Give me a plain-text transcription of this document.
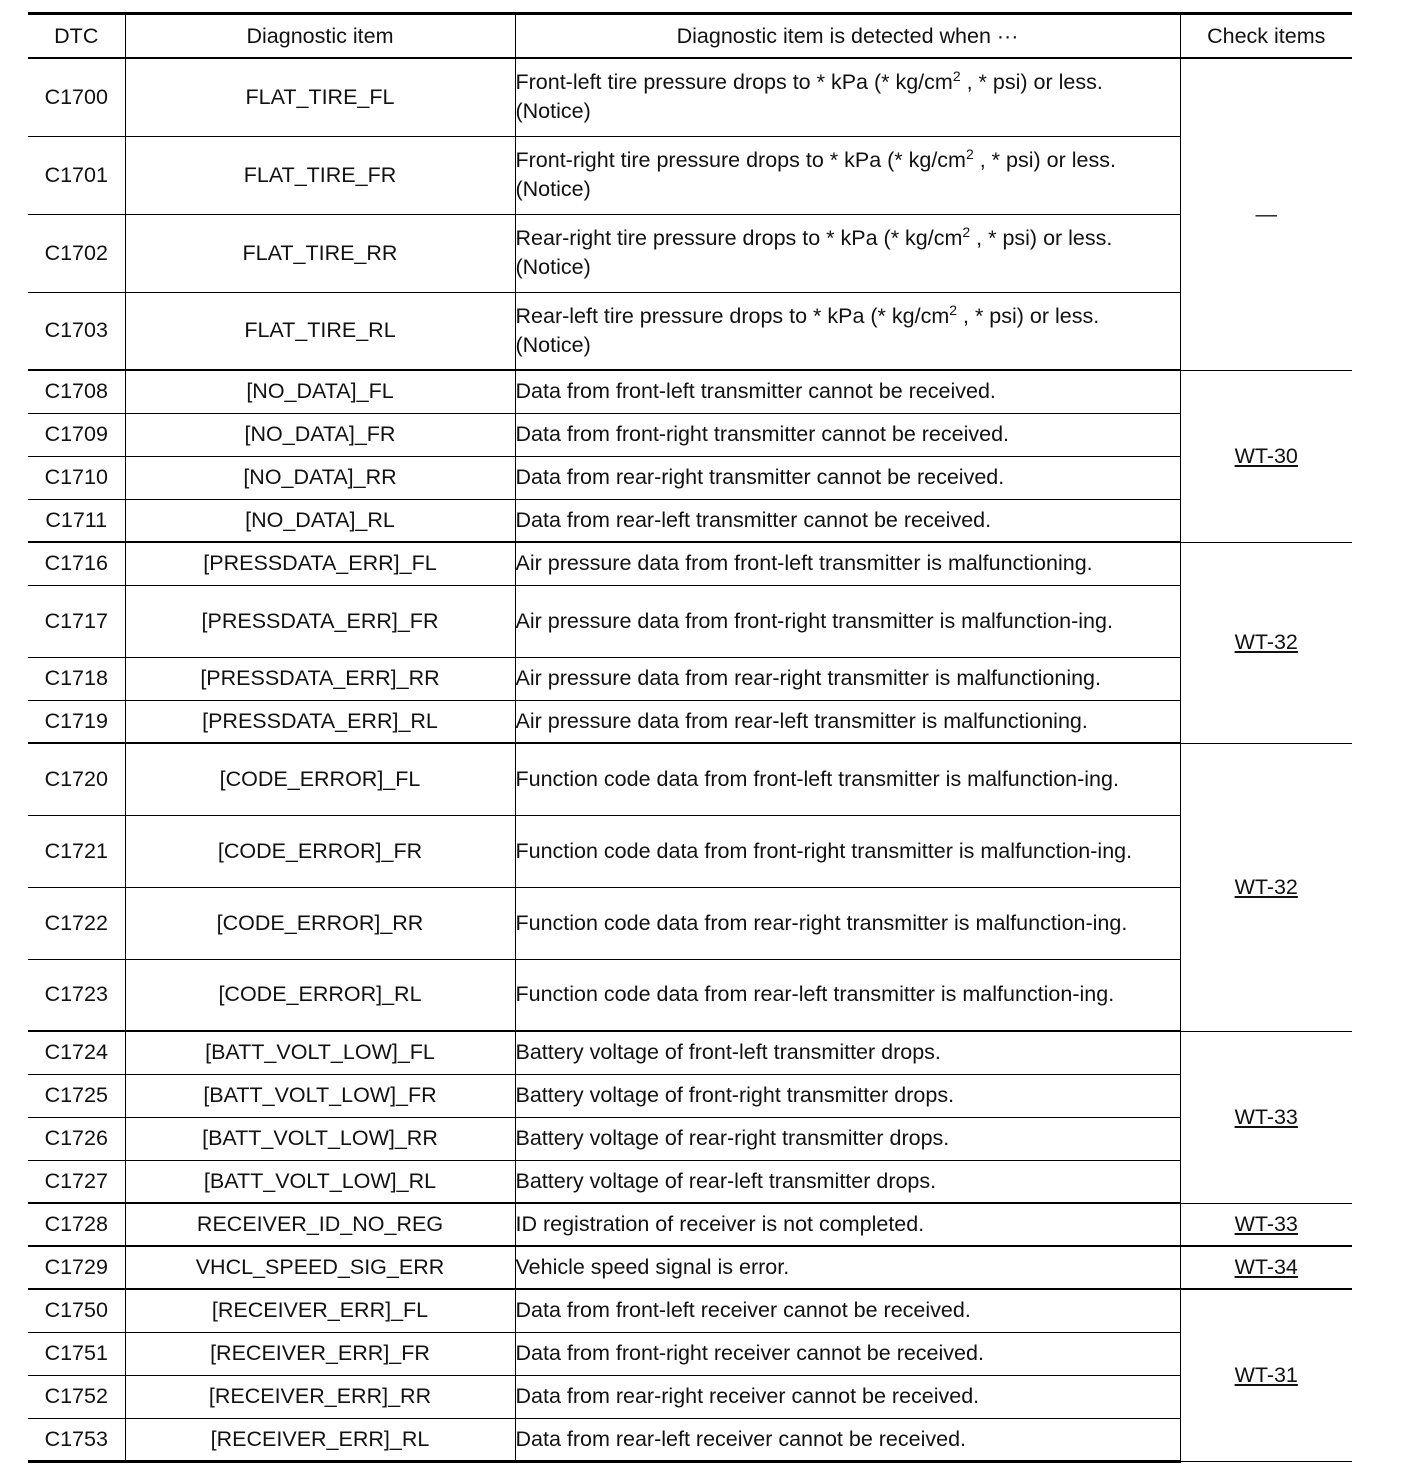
DTC	Diagnostic item	Diagnostic item is detected when ···	Check items
C1700	FLAT_TIRE_FL	Front-left tire pressure drops to * kPa (* $kg/cm^2$ , * psi) or less. (Notice)	—
C1701	FLAT_TIRE_FR	Front-right tire pressure drops to * kPa (* $kg/cm^2$ , * psi) or less. (Notice)	
C1702	FLAT_TIRE_RR	Rear-right tire pressure drops to * kPa (* $kg/cm^2$ , * psi) or less. (Notice)	
C1703	FLAT_TIRE_RL	Rear-left tire pressure drops to * kPa (* $kg/cm^2$ , * psi) or less. (Notice)	
C1708	[NO_DATA]_FL	Data from front-left transmitter cannot be received.	WT-30
C1709	[NO_DATA]_FR	Data from front-right transmitter cannot be received.	
C1710	[NO_DATA]_RR	Data from rear-right transmitter cannot be received.	
C1711	[NO_DATA]_RL	Data from rear-left transmitter cannot be received.	
C1716	[PRESSDATA_ERR]_FL	Air pressure data from front-left transmitter is malfunctioning.	WT-32
C1717	[PRESSDATA_ERR]_FR	Air pressure data from front-right transmitter is malfunction-ing.	
C1718	[PRESSDATA_ERR]_RR	Air pressure data from rear-right transmitter is malfunctioning.	
C1719	[PRESSDATA_ERR]_RL	Air pressure data from rear-left transmitter is malfunctioning.	
C1720	[CODE_ERROR]_FL	Function code data from front-left transmitter is malfunction-ing.	WT-32
C1721	[CODE_ERROR]_FR	Function code data from front-right transmitter is malfunction-ing.	
C1722	[CODE_ERROR]_RR	Function code data from rear-right transmitter is malfunction-ing.	
C1723	[CODE_ERROR]_RL	Function code data from rear-left transmitter is malfunction-ing.	
C1724	[BATT_VOLT_LOW]_FL	Battery voltage of front-left transmitter drops.	WT-33
C1725	[BATT_VOLT_LOW]_FR	Battery voltage of front-right transmitter drops.	
C1726	[BATT_VOLT_LOW]_RR	Battery voltage of rear-right transmitter drops.	
C1727	[BATT_VOLT_LOW]_RL	Battery voltage of rear-left transmitter drops.	
C1728	RECEIVER_ID_NO_REG	ID registration of receiver is not completed.	WT-33
C1729	VHCL_SPEED_SIG_ERR	Vehicle speed signal is error.	WT-34
C1750	[RECEIVER_ERR]_FL	Data from front-left receiver cannot be received.	WT-31
C1751	[RECEIVER_ERR]_FR	Data from front-right receiver cannot be received.	
C1752	[RECEIVER_ERR]_RR	Data from rear-right receiver cannot be received.	
C1753	[RECEIVER_ERR]_RL	Data from rear-left receiver cannot be received.	
